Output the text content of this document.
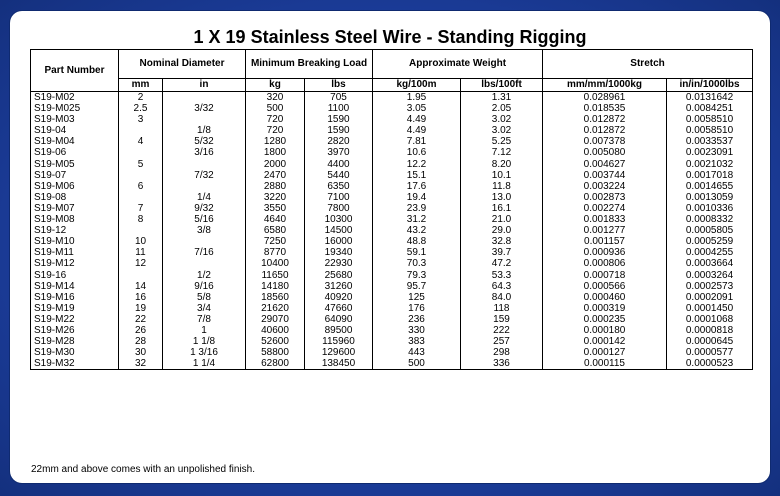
1 X 19 Stainless Steel Wire - Standing Rigging
Part Number	Nominal Diameter		Minimum Breaking Load		Approximate Weight		Stretch	
	mm	in	kg	lbs	kg/100m	lbs/100ft	mm/mm/1000kg	in/in/1000lbs
S19-M02	2		320	705	1.95	1.31	0.028961	0.0131642
S19-M025	2.5	3/32	500	1100	3.05	2.05	0.018535	0.0084251
S19-M03	3		720	1590	4.49	3.02	0.012872	0.0058510
S19-04		1/8	720	1590	4.49	3.02	0.012872	0.0058510
S19-M04	4	5/32	1280	2820	7.81	5.25	0.007378	0.0033537
S19-06		3/16	1800	3970	10.6	7.12	0.005080	0.0023091
S19-M05	5		2000	4400	12.2	8.20	0.004627	0.0021032
S19-07		7/32	2470	5440	15.1	10.1	0.003744	0.0017018
S19-M06	6		2880	6350	17.6	11.8	0.003224	0.0014655
S19-08		1/4	3220	7100	19.4	13.0	0.002873	0.0013059
S19-M07	7	9/32	3550	7800	23.9	16.1	0.002274	0.0010336
S19-M08	8	5/16	4640	10300	31.2	21.0	0.001833	0.0008332
S19-12		3/8	6580	14500	43.2	29.0	0.001277	0.0005805
S19-M10	10		7250	16000	48.8	32.8	0.001157	0.0005259
S19-M11	11	7/16	8770	19340	59.1	39.7	0.000936	0.0004255
S19-M12	12		10400	22930	70.3	47.2	0.000806	0.0003664
S19-16		1/2	11650	25680	79.3	53.3	0.000718	0.0003264
S19-M14	14	9/16	14180	31260	95.7	64.3	0.000566	0.0002573
S19-M16	16	5/8	18560	40920	125	84.0	0.000460	0.0002091
S19-M19	19	3/4	21620	47660	176	118	0.000319	0.0001450
S19-M22	22	7/8	29070	64090	236	159	0.000235	0.0001068
S19-M26	26	1	40600	89500	330	222	0.000180	0.0000818
S19-M28	28	1 1/8	52600	115960	383	257	0.000142	0.0000645
S19-M30	30	1 3/16	58800	129600	443	298	0.000127	0.0000577
S19-M32	32	1 1/4	62800	138450	500	336	0.000115	0.0000523
22mm and above comes with an unpolished finish.
